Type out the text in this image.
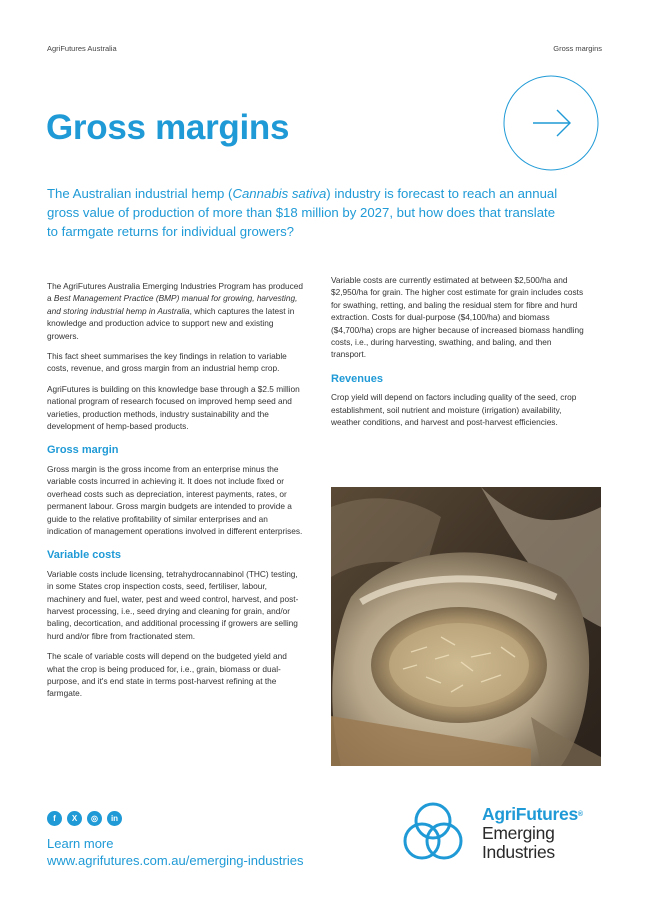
AgriFutures Australia	Gross margins
Gross margins

The Australian industrial hemp (Cannabis sativa) industry is forecast to reach an annual gross value of production of more than $18 million by 2027, but how does that translate to farmgate returns for individual growers?

The AgriFutures Australia Emerging Industries Program has produced a Best Management Practice (BMP) manual for growing, harvesting, and storing industrial hemp in Australia, which captures the latest in knowledge and production advice to support new and existing growers.

This fact sheet summarises the key findings in relation to variable costs, revenue, and gross margin from an industrial hemp crop.

AgriFutures is building on this knowledge base through a $2.5 million national program of research focused on improved hemp seed and varieties, production methods, industry sustainability and the development of hemp-based products.

Gross margin

Gross margin is the gross income from an enterprise minus the variable costs incurred in achieving it. It does not include fixed or overhead costs such as depreciation, interest payments, rates, or permanent labour. Gross margin budgets are intended to provide a guide to the relative profitability of similar enterprises and an indication of management operations involved in different enterprises.

Variable costs

Variable costs include licensing, tetrahydrocannabinol (THC) testing, in some States crop inspection costs, seed, fertiliser, labour, machinery and fuel, water, pest and weed control, harvest, and post-harvest processing, i.e., seed drying and cleaning for grain, and/or baling, decortication, and additional processing if growers are selling hurd and/or fibre from fractionated stem.

The scale of variable costs will depend on the budgeted yield and what the crop is being produced for, i.e., grain, biomass or dual-purpose, and it's end state in terms post-harvest refining at the farmgate.

Variable costs are currently estimated at between $2,500/ha and $2,950/ha for grain. The higher cost estimate for grain includes costs for swathing, retting, and baling the residual stem for fibre and hurd extraction. Costs for dual-purpose ($4,100/ha) and biomass ($4,700/ha) crops are higher because of increased biomass handling costs, i.e., during harvesting, swathing, and baling, and then transport.

Revenues

Crop yield will depend on factors including quality of the seed, crop establishment, soil nutrient and moisture (irrigation) availability, weather conditions, and harvest and post-harvest efficiencies.

f	X	◎	in
Learn more
www.agrifutures.com.au/emerging-industries
AgriFutures®
Emerging
Industries
